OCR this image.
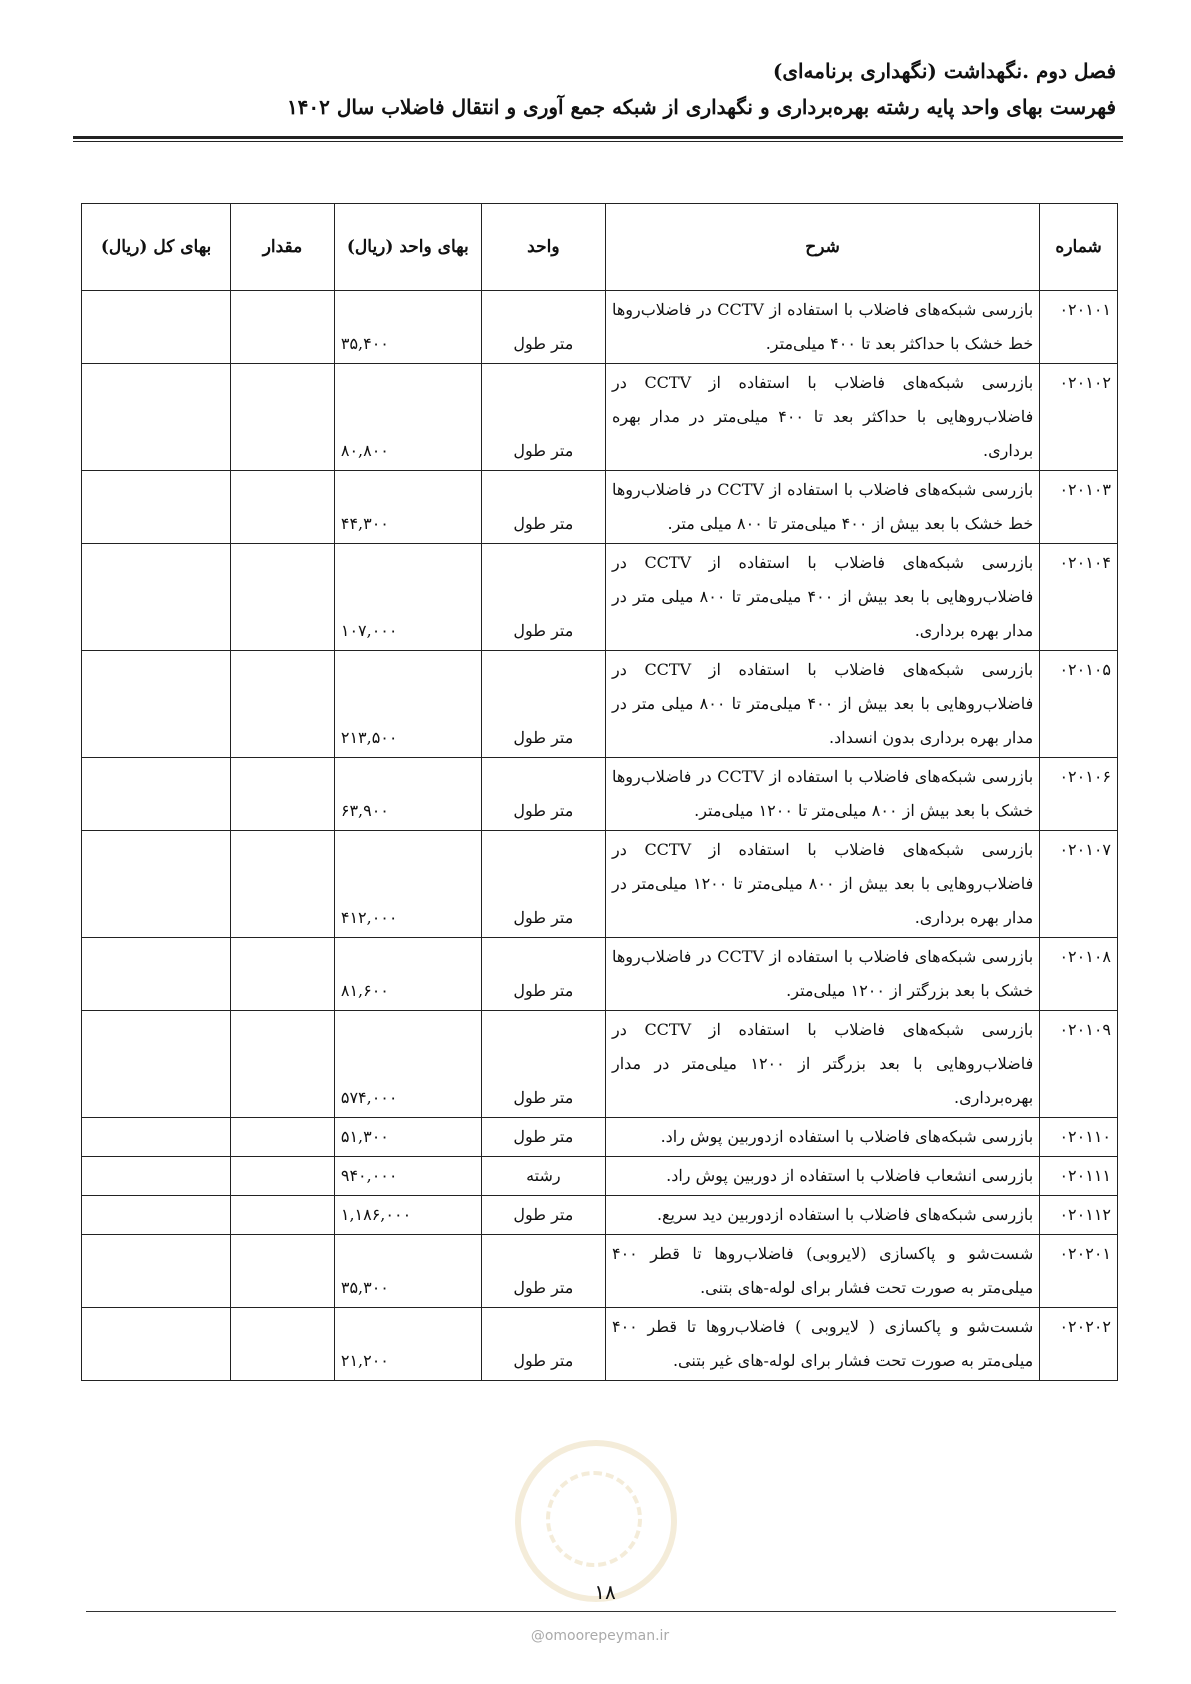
فصل دوم .نگهداشت (نگهداری برنامه‌ای)
فهرست بهای واحد پایه رشته بهره‌برداری و نگهداری از شبکه جمع آوری و انتقال فاضلاب سال ۱۴۰۲
شماره	شرح	واحد	بهای واحد (ریال)	مقدار	بهای کل (ریال)
۰۲۰۱۰۱	بازرسی شبکه‌های فاضلاب با استفاده از CCTV در فاضلاب‌روها خط خشک با حداکثر بعد تا ۴۰۰ میلی‌متر.	متر طول	۳۵,۴۰۰		
۰۲۰۱۰۲	بازرسی شبکه‌های فاضلاب با استفاده از CCTV در فاضلاب‌روهایی با حداکثر بعد تا ۴۰۰ میلی‌متر در مدار بهره برداری.	متر طول	۸۰,۸۰۰		
۰۲۰۱۰۳	بازرسی شبکه‌های فاضلاب با استفاده از CCTV در فاضلاب‌روها خط خشک با بعد بیش از ۴۰۰ میلی‌متر تا ۸۰۰ میلی متر.	متر طول	۴۴,۳۰۰		
۰۲۰۱۰۴	بازرسی شبکه‌های فاضلاب با استفاده از CCTV در فاضلاب‌روهایی با بعد بیش از ۴۰۰ میلی‌متر تا ۸۰۰ میلی متر در مدار بهره برداری.	متر طول	۱۰۷,۰۰۰		
۰۲۰۱۰۵	بازرسی شبکه‌های فاضلاب با استفاده از CCTV در فاضلاب‌روهایی با بعد بیش از ۴۰۰ میلی‌متر تا ۸۰۰ میلی متر در مدار بهره برداری بدون انسداد.	متر طول	۲۱۳,۵۰۰		
۰۲۰۱۰۶	بازرسی شبکه‌های فاضلاب با استفاده از CCTV در فاضلاب‌روها خشک با بعد بیش از ۸۰۰ میلی‌متر تا ۱۲۰۰ میلی‌متر.	متر طول	۶۳,۹۰۰		
۰۲۰۱۰۷	بازرسی شبکه‌های فاضلاب با استفاده از CCTV در فاضلاب‌روهایی با بعد بیش از ۸۰۰ میلی‌متر تا ۱۲۰۰ میلی‌متر در مدار بهره برداری.	متر طول	۴۱۲,۰۰۰		
۰۲۰۱۰۸	بازرسی شبکه‌های فاضلاب با استفاده از CCTV در فاضلاب‌روها خشک با بعد بزرگتر از ۱۲۰۰ میلی‌متر.	متر طول	۸۱,۶۰۰		
۰۲۰۱۰۹	بازرسی شبکه‌های فاضلاب با استفاده از CCTV در فاضلاب‌روهایی با بعد بزرگتر از ۱۲۰۰ میلی‌متر در مدار بهره‌برداری.	متر طول	۵۷۴,۰۰۰		
۰۲۰۱۱۰	بازرسی شبکه‌های فاضلاب با استفاده ازدوربین پوش راد.	متر طول	۵۱,۳۰۰		
۰۲۰۱۱۱	بازرسی انشعاب فاضلاب با استفاده از دوربین پوش راد.	رشته	۹۴۰,۰۰۰		
۰۲۰۱۱۲	بازرسی شبکه‌های فاضلاب با استفاده ازدوربین دید سریع.	متر طول	۱,۱۸۶,۰۰۰		
۰۲۰۲۰۱	شست‌شو و پاکسازی (لایروبی) فاضلاب‌روها تا قطر ۴۰۰ میلی‌متر به صورت تحت فشار برای لوله-های بتنی.	متر طول	۳۵,۳۰۰		
۰۲۰۲۰۲	شست‌شو و پاکسازی ( لایروبی ) فاضلاب‌روها تا قطر ۴۰۰ میلی‌متر به صورت تحت فشار برای لوله-های غیر بتنی.	متر طول	۲۱,۲۰۰		
۱۸
@omoorepeyman.ir
